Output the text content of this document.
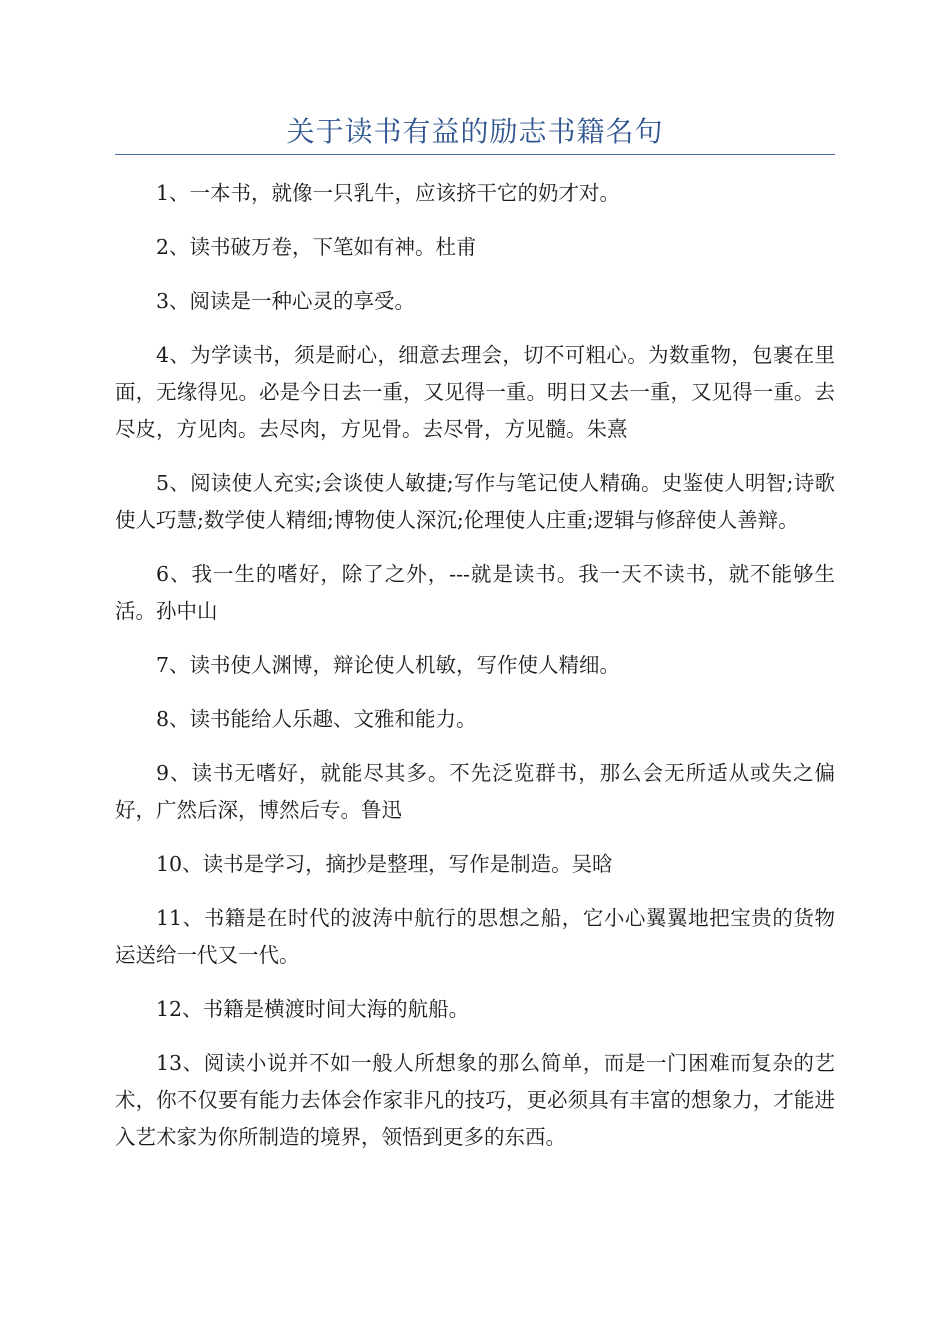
关于读书有益的励志书籍名句

1、一本书，就像一只乳牛，应该挤干它的奶才对。

2、读书破万卷，下笔如有神。杜甫

3、阅读是一种心灵的享受。

4、为学读书，须是耐心，细意去理会，切不可粗心。为数重物，包裹在里面，无缘得见。必是今日去一重，又见得一重。明日又去一重，又见得一重。去尽皮，方见肉。去尽肉，方见骨。去尽骨，方见髓。朱熹

5、阅读使人充实;会谈使人敏捷;写作与笔记使人精确。史鉴使人明智;诗歌使人巧慧;数学使人精细;博物使人深沉;伦理使人庄重;逻辑与修辞使人善辩。

6、我一生的嗜好，除了之外，---就是读书。我一天不读书，就不能够生活。孙中山

7、读书使人渊博，辩论使人机敏，写作使人精细。

8、读书能给人乐趣、文雅和能力。

9、读书无嗜好，就能尽其多。不先泛览群书，那么会无所适从或失之偏好，广然后深，博然后专。鲁迅

10、读书是学习，摘抄是整理，写作是制造。吴晗

11、书籍是在时代的波涛中航行的思想之船，它小心翼翼地把宝贵的货物运送给一代又一代。

12、书籍是横渡时间大海的航船。

13、阅读小说并不如一般人所想象的那么简单，而是一门困难而复杂的艺术，你不仅要有能力去体会作家非凡的技巧，更必须具有丰富的想象力，才能进入艺术家为你所制造的境界，领悟到更多的东西。
